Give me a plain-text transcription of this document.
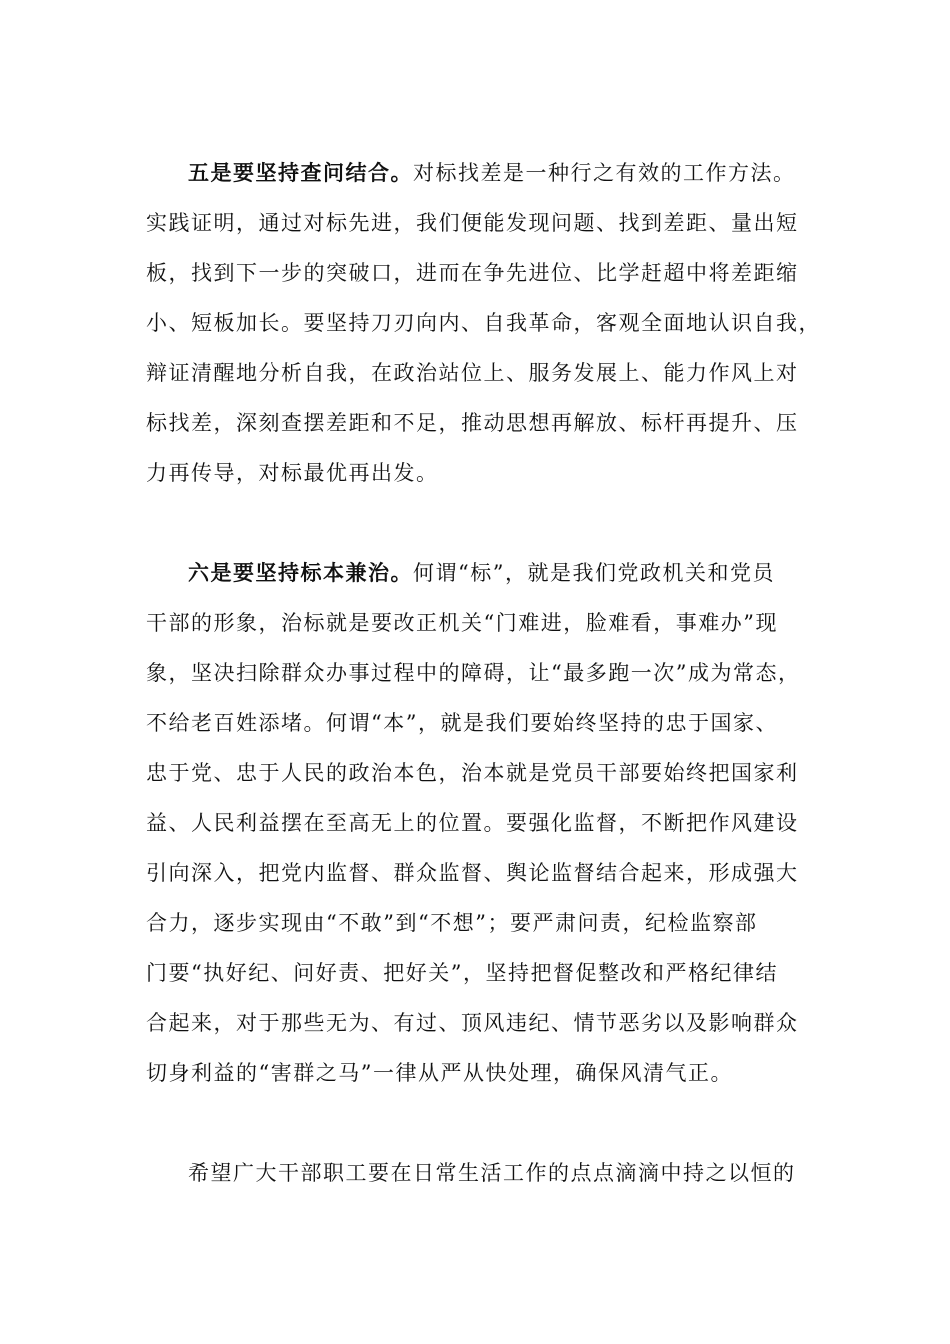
五是要坚持查问结合。对标找差是一种行之有效的工作方法。
实践证明，通过对标先进，我们便能发现问题、找到差距、量出短
板，找到下一步的突破口，进而在争先进位、比学赶超中将差距缩
小、短板加长。要坚持刀刃向内、自我革命，客观全面地认识自我，
辩证清醒地分析自我，在政治站位上、服务发展上、能力作风上对
标找差，深刻查摆差距和不足，推动思想再解放、标杆再提升、压
力再传导，对标最优再出发。
六是要坚持标本兼治。何谓“标”，就是我们党政机关和党员
干部的形象，治标就是要改正机关“门难进，脸难看，事难办”现
象，坚决扫除群众办事过程中的障碍，让“最多跑一次”成为常态，
不给老百姓添堵。何谓“本”，就是我们要始终坚持的忠于国家、
忠于党、忠于人民的政治本色，治本就是党员干部要始终把国家利
益、人民利益摆在至高无上的位置。要强化监督，不断把作风建设
引向深入，把党内监督、群众监督、舆论监督结合起来，形成强大
合力，逐步实现由“不敢”到“不想”；要严肃问责，纪检监察部
门要“执好纪、问好责、把好关”，坚持把督促整改和严格纪律结
合起来，对于那些无为、有过、顶风违纪、情节恶劣以及影响群众
切身利益的“害群之马”一律从严从快处理，确保风清气正。
希望广大干部职工要在日常生活工作的点点滴滴中持之以恒的
